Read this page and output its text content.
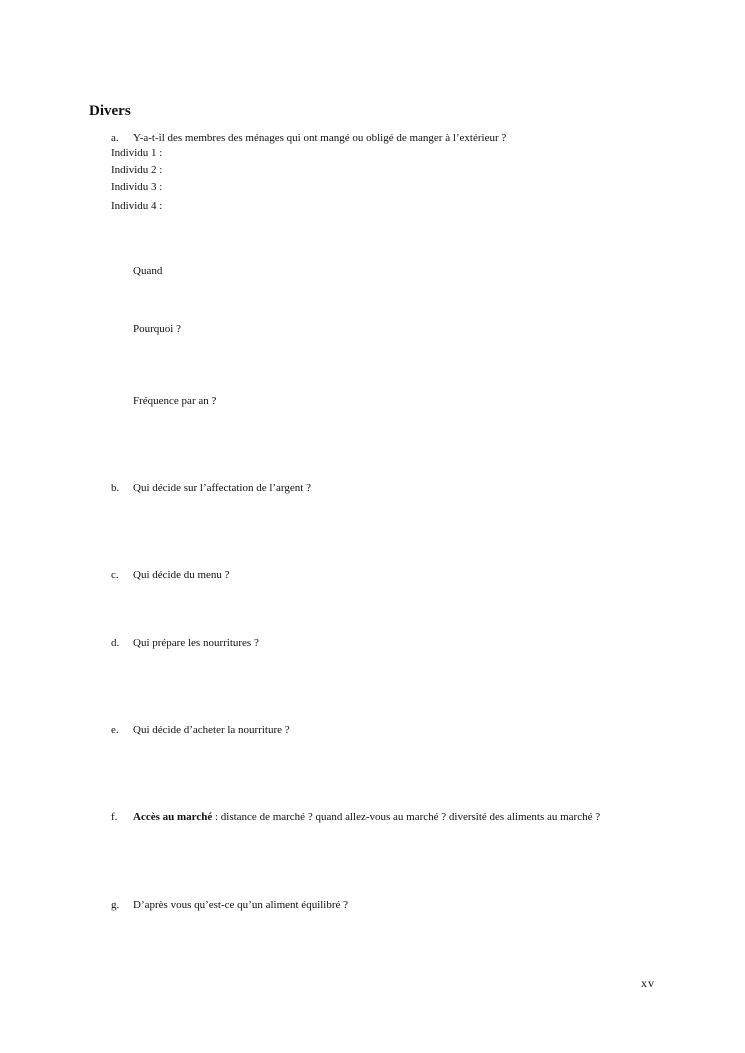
Divers
a. Y-a-t-il des membres des ménages qui ont mangé ou obligé de manger à l’extérieur ?
Individu 1 :
Individu 2 :
Individu 3 :
Individu 4 :
Quand
Pourquoi ?
Fréquence par an ?
b. Qui décide sur l’affectation de l’argent ?
c. Qui décide du menu ?
d. Qui prépare les nourritures ?
e. Qui décide d’acheter la nourriture ?
f. Accès au marché : distance de marché ? quand allez-vous au marché ? diversité des aliments au marché ?
g. D’après vous qu’est-ce qu’un aliment équilibré ?
xv
